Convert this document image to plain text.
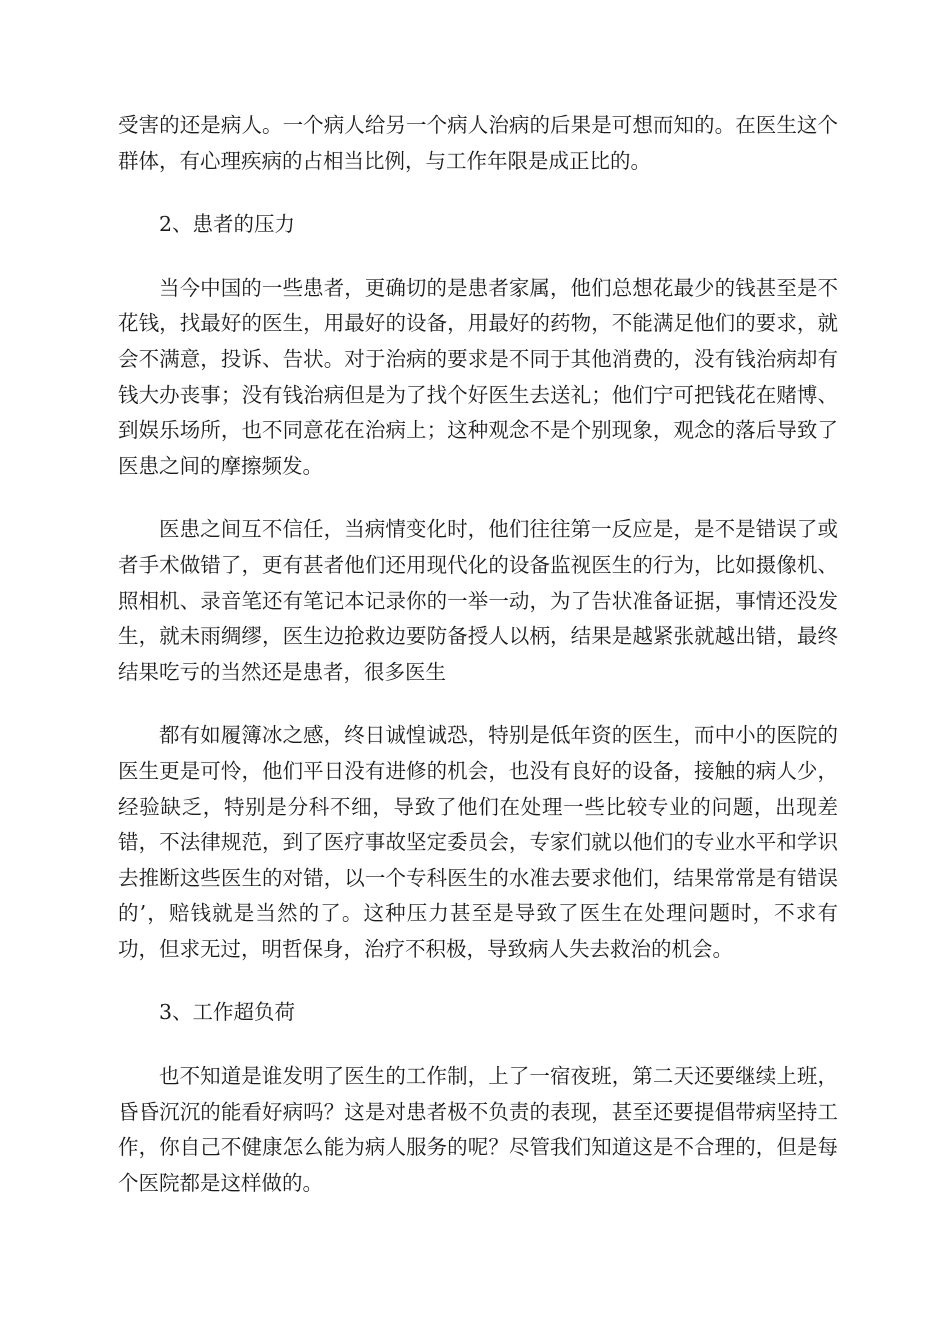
受害的还是病人。一个病人给另一个病人治病的后果是可想而知的。在医生这个群体，有心理疾病的占相当比例，与工作年限是成正比的。

2、患者的压力

当今中国的一些患者，更确切的是患者家属，他们总想花最少的钱甚至是不花钱，找最好的医生，用最好的设备，用最好的药物，不能满足他们的要求，就会不满意，投诉、告状。对于治病的要求是不同于其他消费的，没有钱治病却有钱大办丧事；没有钱治病但是为了找个好医生去送礼；他们宁可把钱花在赌博、到娱乐场所，也不同意花在治病上；这种观念不是个别现象，观念的落后导致了医患之间的摩擦频发。

医患之间互不信任，当病情变化时，他们往往第一反应是，是不是错误了或者手术做错了，更有甚者他们还用现代化的设备监视医生的行为，比如摄像机、照相机、录音笔还有笔记本记录你的一举一动，为了告状准备证据，事情还没发生，就未雨绸缪，医生边抢救边要防备授人以柄，结果是越紧张就越出错，最终结果吃亏的当然还是患者，很多医生

都有如履簿冰之感，终日诚惶诚恐，特别是低年资的医生，而中小的医院的医生更是可怜，他们平日没有进修的机会，也没有良好的设备，接触的病人少，经验缺乏，特别是分科不细，导致了他们在处理一些比较专业的问题，出现差错，不法律规范，到了医疗事故坚定委员会，专家们就以他们的专业水平和学识去推断这些医生的对错，以一个专科医生的水准去要求他们，结果常常是有错误的’，赔钱就是当然的了。这种压力甚至是导致了医生在处理问题时，不求有功，但求无过，明哲保身，治疗不积极，导致病人失去救治的机会。

3、工作超负荷

也不知道是谁发明了医生的工作制，上了一宿夜班，第二天还要继续上班，昏昏沉沉的能看好病吗？这是对患者极不负责的表现，甚至还要提倡带病坚持工作，你自己不健康怎么能为病人服务的呢？尽管我们知道这是不合理的，但是每个医院都是这样做的。
